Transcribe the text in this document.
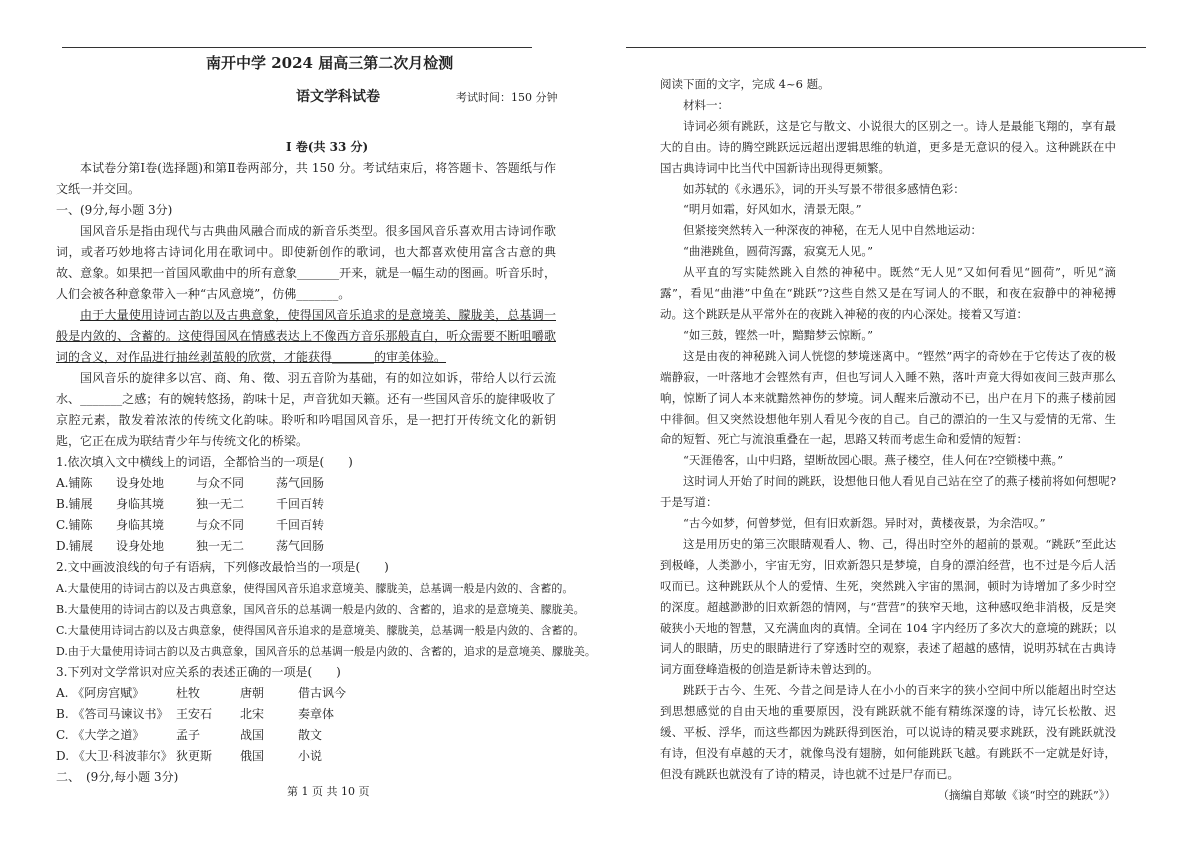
南开中学 2024 届高三第二次月检测
语文学科试卷	考试时间：150 分钟
Ⅰ 卷(共 33 分)

本试卷分第Ⅰ卷(选择题)和第Ⅱ卷两部分，共 150 分。考试结束后，将答题卡、答题纸与作文纸一并交回。

一、(9分,每小题 3分)

国风音乐是指由现代与古典曲风融合而成的新音乐类型。很多国风音乐喜欢用古诗词作歌词，或者巧妙地将古诗词化用在歌词中。即使新创作的歌词，也大都喜欢使用富含古意的典故、意象。如果把一首国风歌曲中的所有意象_______开来，就是一幅生动的图画。听音乐时，人们会被各种意象带入一种“古风意境”，仿佛_______。

由于大量使用诗词古韵以及古典意象，使得国风音乐追求的是意境美、朦胧美，总基调一般是内敛的、含蓄的。这使得国风在情感表达上不像西方音乐那般直白，听众需要不断咀嚼歌词的含义，对作品进行抽丝剥茧般的欣赏，才能获得_______的审美体验。

国风音乐的旋律多以宫、商、角、徵、羽五音阶为基础，有的如泣如诉，带给人以行云流水、_______之感；有的婉转悠扬，韵味十足，声音犹如天籁。还有一些国风音乐的旋律吸收了京腔元素，散发着浓浓的传统文化韵味。聆听和吟唱国风音乐，是一把打开传统文化的新钥匙，它正在成为联结青少年与传统文化的桥梁。

1.依次填入文中横线上的词语，全都恰当的一项是(　　)

A.铺陈	设身处地	与众不同	荡气回肠

B.铺展	身临其境	独一无二	千回百转

C.铺陈	身临其境	与众不同	千回百转

D.铺展	设身处地	独一无二	荡气回肠

2.文中画波浪线的句子有语病，下列修改最恰当的一项是(　　)

A.大量使用的诗词古韵以及古典意象，使得国风音乐追求意境美、朦胧美，总基调一般是内敛的、含蓄的。

B.大量使用的诗词古韵以及古典意象，国风音乐的总基调一般是内敛的、含蓄的，追求的是意境美、朦胧美。

C.大量使用诗词古韵以及古典意象，使得国风音乐追求的是意境美、朦胧美，总基调一般是内敛的、含蓄的。

D.由于大量使用诗词古韵以及古典意象，国风音乐的总基调一般是内敛的、含蓄的，追求的是意境美、朦胧美。

3.下列对文学常识对应关系的表述正确的一项是(　　)

A. 《阿房宫赋》	杜牧	唐朝	借古讽今

B. 《答司马谏议书》 王安石	北宋	奏章体

C. 《大学之道》	孟子	战国	散文

D. 《大卫·科波菲尔》 狄更斯	俄国	小说

二、　(9分,每小题 3分)

阅读下面的文字，完成 4~6 题。

材料一：

诗词必须有跳跃，这是它与散文、小说很大的区别之一。诗人是最能飞翔的，享有最大的自由。诗的腾空跳跃远远超出逻辑思维的轨道，更多是无意识的侵入。这种跳跃在中国古典诗词中比当代中国新诗出现得更频繁。

如苏轼的《永遇乐》，词的开头写景不带很多感情色彩：

“明月如霜，好风如水，清景无限。”

但紧接突然转入一种深夜的神秘，在无人见中自然地运动：

“曲港跳鱼，圆荷泻露，寂寞无人见。”

从平直的写实陡然跳入自然的神秘中。既然“无人见”又如何看见“圆荷”，听见“滴露”，看见“曲港”中鱼在“跳跃”?这些自然又是在写词人的不眠，和夜在寂静中的神秘搏动。这个跳跃是从平常外在的夜跳入神秘的夜的内心深处。接着又写道：

“如三鼓，铿然一叶，黯黯梦云惊断。”

这是由夜的神秘跳入词人恍惚的梦境迷离中。“铿然”两字的奇妙在于它传达了夜的极端静寂，一叶落地才会铿然有声，但也写词人入睡不熟，落叶声竟大得如夜间三鼓声那么响，惊断了词人本来就黯然神伤的梦境。词人醒来后激动不已，出户在月下的燕子楼前园中徘徊。但又突然设想他年别人看见今夜的自己。自己的漂泊的一生又与爱情的无常、生命的短暂、死亡与流浪重叠在一起，思路又转而考虑生命和爱情的短暂：

“天涯倦客，山中归路，望断故园心眼。燕子楼空，佳人何在?空锁楼中燕。”

这时词人开始了时间的跳跃，设想他日他人看见自己站在空了的燕子楼前将如何想呢?于是写道：

“古今如梦，何曾梦觉，但有旧欢新怨。异时对，黄楼夜景，为余浩叹。”

这是用历史的第三次眼睛观看人、物、己，得出时空外的超前的景观。“跳跃”至此达到极峰，人类渺小，宇宙无穷，旧欢新怨只是梦境，自身的漂泊经营，也不过是今后人活叹而已。这种跳跃从个人的爱情、生死，突然跳入宇宙的黑洞，顿时为诗增加了多少时空的深度。超越渺渺的旧欢新怨的情网，与“营营”的狭窄天地，这种感叹绝非消极，反是突破狭小天地的智慧，又充满血肉的真情。全词在 104 字内经历了多次大的意境的跳跃；以词人的眼睛，历史的眼睛进行了穿透时空的观察，表述了超越的感情，说明苏轼在古典诗词方面登峰造极的创造是新诗未曾达到的。

跳跃于古今、生死、今昔之间是诗人在小小的百来字的狭小空间中所以能超出时空达到思想感觉的自由天地的重要原因，没有跳跃就不能有精练深邃的诗，诗冗长松散、迟缓、平板、浮华，而这些都因为跳跃得到医治，可以说诗的精灵要求跳跃，没有跳跃就没有诗，但没有卓越的天才，就像鸟没有翅膀，如何能跳跃飞越。有跳跃不一定就是好诗，但没有跳跃也就没有了诗的精灵，诗也就不过是尸存而已。

（摘编自郑敏《谈“时空的跳跃”》）

第 1 页 共 10 页
